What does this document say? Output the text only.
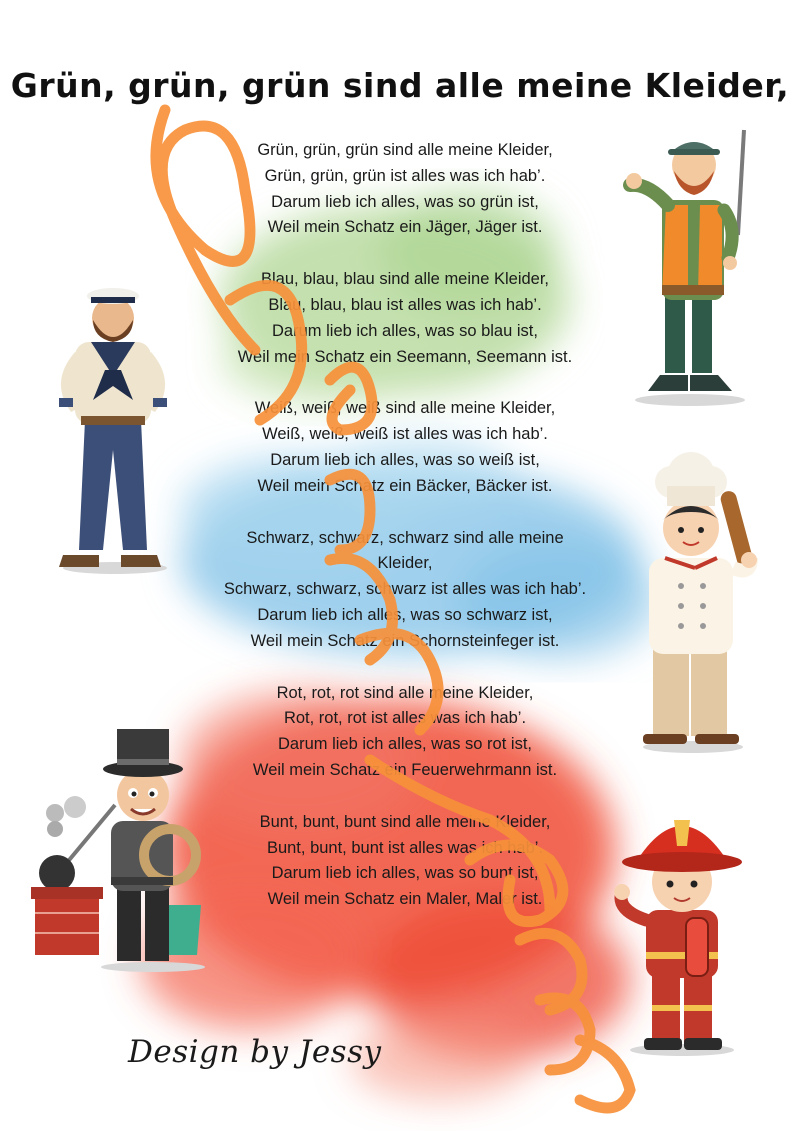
Grün, grün, grün sind alle meine Kleider,

Grün, grün, grün sind alle meine Kleider,

Grün, grün, grün ist alles was ich hab’.

Darum lieb ich alles, was so grün ist,

Weil mein Schatz ein Jäger, Jäger ist.

Blau, blau, blau sind alle meine Kleider,

Blau, blau, blau ist alles was ich hab’.

Darum lieb ich alles, was so blau ist,

Weil mein Schatz ein Seemann, Seemann ist.

Weiß, weiß, weiß sind alle meine Kleider,

Weiß, weiß, weiß ist alles was ich hab’.

Darum lieb ich alles, was so weiß ist,

Weil mein Schatz ein Bäcker, Bäcker ist.

Schwarz, schwarz, schwarz sind alle meine Kleider,

Schwarz, schwarz, schwarz ist alles was ich hab’.

Darum lieb ich alles, was so schwarz ist,

Weil mein Schatz ein Schornsteinfeger ist.

Rot, rot, rot sind alle meine Kleider,

Rot, rot, rot ist alles was ich hab’.

Darum lieb ich alles, was so rot ist,

Weil mein Schatz ein Feuerwehrmann ist.

Bunt, bunt, bunt sind alle meine Kleider,

Bunt, bunt, bunt ist alles was ich hab’.

Darum lieb ich alles, was so bunt ist,

Weil mein Schatz ein Maler, Maler ist.

Design by Jessy
Design by Jessy
